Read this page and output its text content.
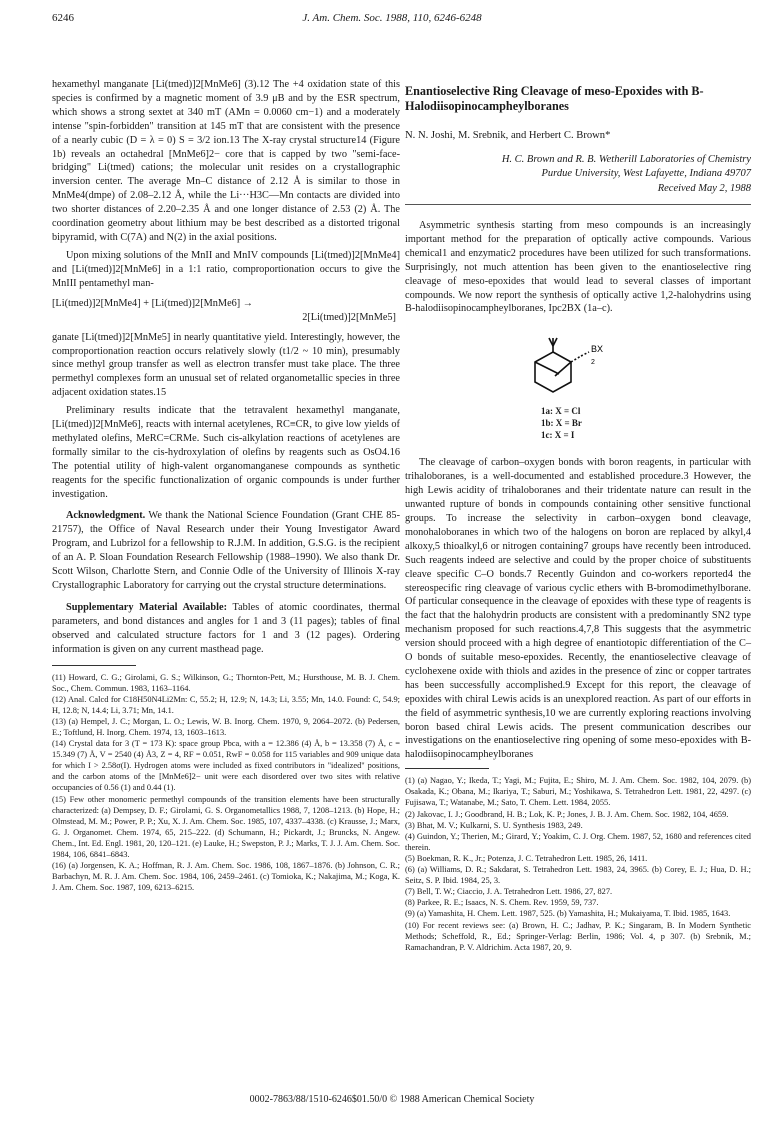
6246	J. Am. Chem. Soc. 1988, 110, 6246-6248

hexamethyl manganate [Li(tmed)]2[MnMe6] (3).12 The +4 oxidation state of this species is confirmed by a magnetic moment of 3.9 μB and by the ESR spectrum, which shows a strong sextet at 340 mT (AMn = 0.0060 cm−1) and a moderately intense "spin-forbidden" transition at 145 mT that are consistent with the presence of a nearly cubic (D = λ = 0) S = 3/2 ion.13 The X-ray crystal structure14 (Figure 1b) reveals an octahedral [MnMe6]2− core that is capped by two "semi-face-bridging" Li(tmed) cations; the molecular unit resides on a crystallographic inversion center. The average Mn–C distance of 2.12 Å is similar to those in MnMe4(dmpe) of 2.08–2.12 Å, while the Li···H3C—Mn contacts are divided into two shorter distances of 2.20–2.35 Å and one longer distance of 2.53 (2) Å. The coordination geometry about lithium may be best described as a distorted trigonal bipyramid, with C(7A) and N(2) in the axial positions.

Upon mixing solutions of the MnII and MnIV compounds [Li(tmed)]2[MnMe4] and [Li(tmed)]2[MnMe6] in a 1:1 ratio, comproportionation occurs to give the MnIII pentamethyl man-

[Li(tmed)]2[MnMe4] + [Li(tmed)]2[MnMe6] →
2[Li(tmed)]2[MnMe5]

ganate [Li(tmed)]2[MnMe5] in nearly quantitative yield. Interestingly, however, the comproportionation reaction occurs relatively slowly (t1/2 ~ 10 min), presumably since methyl group transfer as well as electron transfer must take place. The three permethyl complexes form an unusual set of related organometallic species in three adjacent oxidation states.15

Preliminary results indicate that the tetravalent hexamethyl manganate, [Li(tmed)]2[MnMe6], reacts with internal acetylenes, RC≡CR, to give low yields of methylated olefins, MeRC=CRMe. Such cis-alkylation reactions of acetylenes are formally similar to the cis-hydroxylation of olefins by reagents such as OsO4.16 The potential utility of high-valent organomanganese compounds as synthetic reagents for the specific functionalization of organic compounds is under further investigation.

Acknowledgment. We thank the National Science Foundation (Grant CHE 85-21757), the Office of Naval Research under their Young Investigator Award Program, and Lubrizol for a fellowship to R.J.M. In addition, G.S.G. is the recipient of an A. P. Sloan Foundation Research Fellowship (1988–1990). We also thank Dr. Scott Wilson, Charlotte Stern, and Connie Odle of the University of Illinois X-ray Crystallographic Laboratory for carrying out the crystal structure determinations.

Supplementary Material Available: Tables of atomic coordinates, thermal parameters, and bond distances and angles for 1 and 3 (11 pages); tables of final observed and calculated structure factors for 1 and 3 (12 pages). Ordering information is given on any current masthead page.

(11) Howard, C. G.; Girolami, G. S.; Wilkinson, G.; Thornton-Pett, M.; Hursthouse, M. B. J. Chem. Soc., Chem. Commun. 1983, 1163–1164.

(12) Anal. Calcd for C18H50N4Li2Mn: C, 55.2; H, 12.9; N, 14.3; Li, 3.55; Mn, 14.0. Found: C, 54.9; H, 12.8; N, 14.4; Li, 3.71; Mn, 14.1.

(13) (a) Hempel, J. C.; Morgan, L. O.; Lewis, W. B. Inorg. Chem. 1970, 9, 2064–2072. (b) Pedersen, E.; Toftlund, H. Inorg. Chem. 1974, 13, 1603–1613.

(14) Crystal data for 3 (T = 173 K): space group Pbca, with a = 12.386 (4) Å, b = 13.358 (7) Å, c = 15.349 (7) Å, V = 2540 (4) Å3, Z = 4, RF = 0.051, RwF = 0.058 for 115 variables and 909 unique data for which I > 2.58σ(I). Hydrogen atoms were included as fixed contributors in "idealized" positions, and the carbon atoms of the [MnMe6]2− unit were each disordered over two sites with relative occupancies of 0.56 (1) and 0.44 (1).

(15) Few other monomeric permethyl compounds of the transition elements have been structurally characterized: (a) Dempsey, D. F.; Girolami, G. S. Organometallics 1988, 7, 1208–1213. (b) Hope, H.; Olmstead, M. M.; Power, P. P.; Xu, X. J. Am. Chem. Soc. 1985, 107, 4337–4338. (c) Krausse, J.; Marx, G. J. Organomet. Chem. 1974, 65, 215–222. (d) Schumann, H.; Pickardt, J.; Bruncks, N. Angew. Chem., Int. Ed. Engl. 1981, 20, 120–121. (e) Lauke, H.; Swepston, P. J.; Marks, T. J. J. Am. Chem. Soc. 1984, 106, 6841–6843.

(16) (a) Jorgensen, K. A.; Hoffman, R. J. Am. Chem. Soc. 1986, 108, 1867–1876. (b) Johnson, C. R.; Barbachyn, M. R. J. Am. Chem. Soc. 1984, 106, 2459–2461. (c) Tomioka, K.; Nakajima, M.; Koga, K. J. Am. Chem. Soc. 1987, 109, 6213–6215.

Enantioselective Ring Cleavage of meso-Epoxides with B-Halodiisopinocampheylboranes
N. N. Joshi, M. Srebnik, and Herbert C. Brown*

H. C. Brown and R. B. Wetherill Laboratories of Chemistry

Purdue University, West Lafayette, Indiana 49707

Received May 2, 1988

Asymmetric synthesis starting from meso compounds is an increasingly important method for the preparation of optically active compounds. Various chemical1 and enzymatic2 procedures have been utilized for such transformations. Surprisingly, not much attention has been given to the enantioselective ring cleavage of meso-epoxides that would lead to several classes of important compounds. We now report the synthesis of optically active 1,2-halohydrins using B-halodiisopinocampheylboranes, Ipc2BX (1a–c).

BX
2
1a: X = Cl
1b: X = Br
1c: X = I

The cleavage of carbon–oxygen bonds with boron reagents, in particular with trihaloboranes, is a well-documented and established procedure.3 However, the high Lewis acidity of trihaloboranes and their tridentate nature can result in the unwanted rupture of bonds in compounds containing other sensitive functional groups. To increase the selectivity in carbon–oxygen bond cleavage, monohaloboranes in which two of the halogens on boron are replaced by alkyl,4 alkoxy,5 thioalkyl,6 or nitrogen containing7 groups have recently been introduced. Such reagents indeed are selective and could by the proper choice of substituents cleave specific C–O bonds.7 Recently Guindon and co-workers reported4 the stereospecific ring cleavage of various cyclic ethers with B-bromodimethylborane. Of particular consequence in the cleavage of epoxides with these type of reagents is the fact that the halohydrin products are consistent with a predominantly SN2 type mechanism proposed for such reactions.4,7,8 This suggests that the asymmetric version should proceed with a high degree of enantiotopic differentiation of the C–O bonds of suitable meso-epoxides. Recently, the enantioselective cleavage of cyclohexene oxide with thiols and azides in the presence of zinc or copper tartrates has been successfully accomplished.9 Except for this report, the cleavage of epoxides with chiral Lewis acids is an unexplored reaction. As part of our efforts in the field of asymmetric synthesis,10 we are currently exploring reactions involving boron based chiral Lewis acids. The present communication describes our investigations on the enantioselective ring opening of some meso-epoxides with B-halodiisopinocampheylboranes

(1) (a) Nagao, Y.; Ikeda, T.; Yagi, M.; Fujita, E.; Shiro, M. J. Am. Chem. Soc. 1982, 104, 2079. (b) Osakada, K.; Obana, M.; Ikariya, T.; Saburi, M.; Yoshikawa, S. Tetrahedron Lett. 1981, 22, 4297. (c) Fujisawa, T.; Watanabe, M.; Sato, T. Chem. Lett. 1984, 2055.

(2) Jakovac, I. J.; Goodbrand, H. B.; Lok, K. P.; Jones, J. B. J. Am. Chem. Soc. 1982, 104, 4659.

(3) Bhat, M. V.; Kulkarni, S. U. Synthesis 1983, 249.

(4) Guindon, Y.; Therien, M.; Girard, Y.; Yoakim, C. J. Org. Chem. 1987, 52, 1680 and references cited therein.

(5) Boekman, R. K., Jr.; Potenza, J. C. Tetrahedron Lett. 1985, 26, 1411.

(6) (a) Williams, D. R.; Sakdarat, S. Tetrahedron Lett. 1983, 24, 3965. (b) Corey, E. J.; Hua, D. H.; Seitz, S. P. Ibid. 1984, 25, 3.

(7) Bell, T. W.; Ciaccio, J. A. Tetrahedron Lett. 1986, 27, 827.

(8) Parkee, R. E.; Isaacs, N. S. Chem. Rev. 1959, 59, 737.

(9) (a) Yamashita, H. Chem. Lett. 1987, 525. (b) Yamashita, H.; Mukaiyama, T. Ibid. 1985, 1643.

(10) For recent reviews see: (a) Brown, H. C.; Jadhav, P. K.; Singaram, B. In Modern Synthetic Methods; Scheffold, R., Ed.; Springer-Verlag: Berlin, 1986; Vol. 4, p 307. (b) Srebnik, M.; Ramachandran, P. V. Aldrichim. Acta 1987, 20, 9.

0002-7863/88/1510-6246$01.50/0 © 1988 American Chemical Society
